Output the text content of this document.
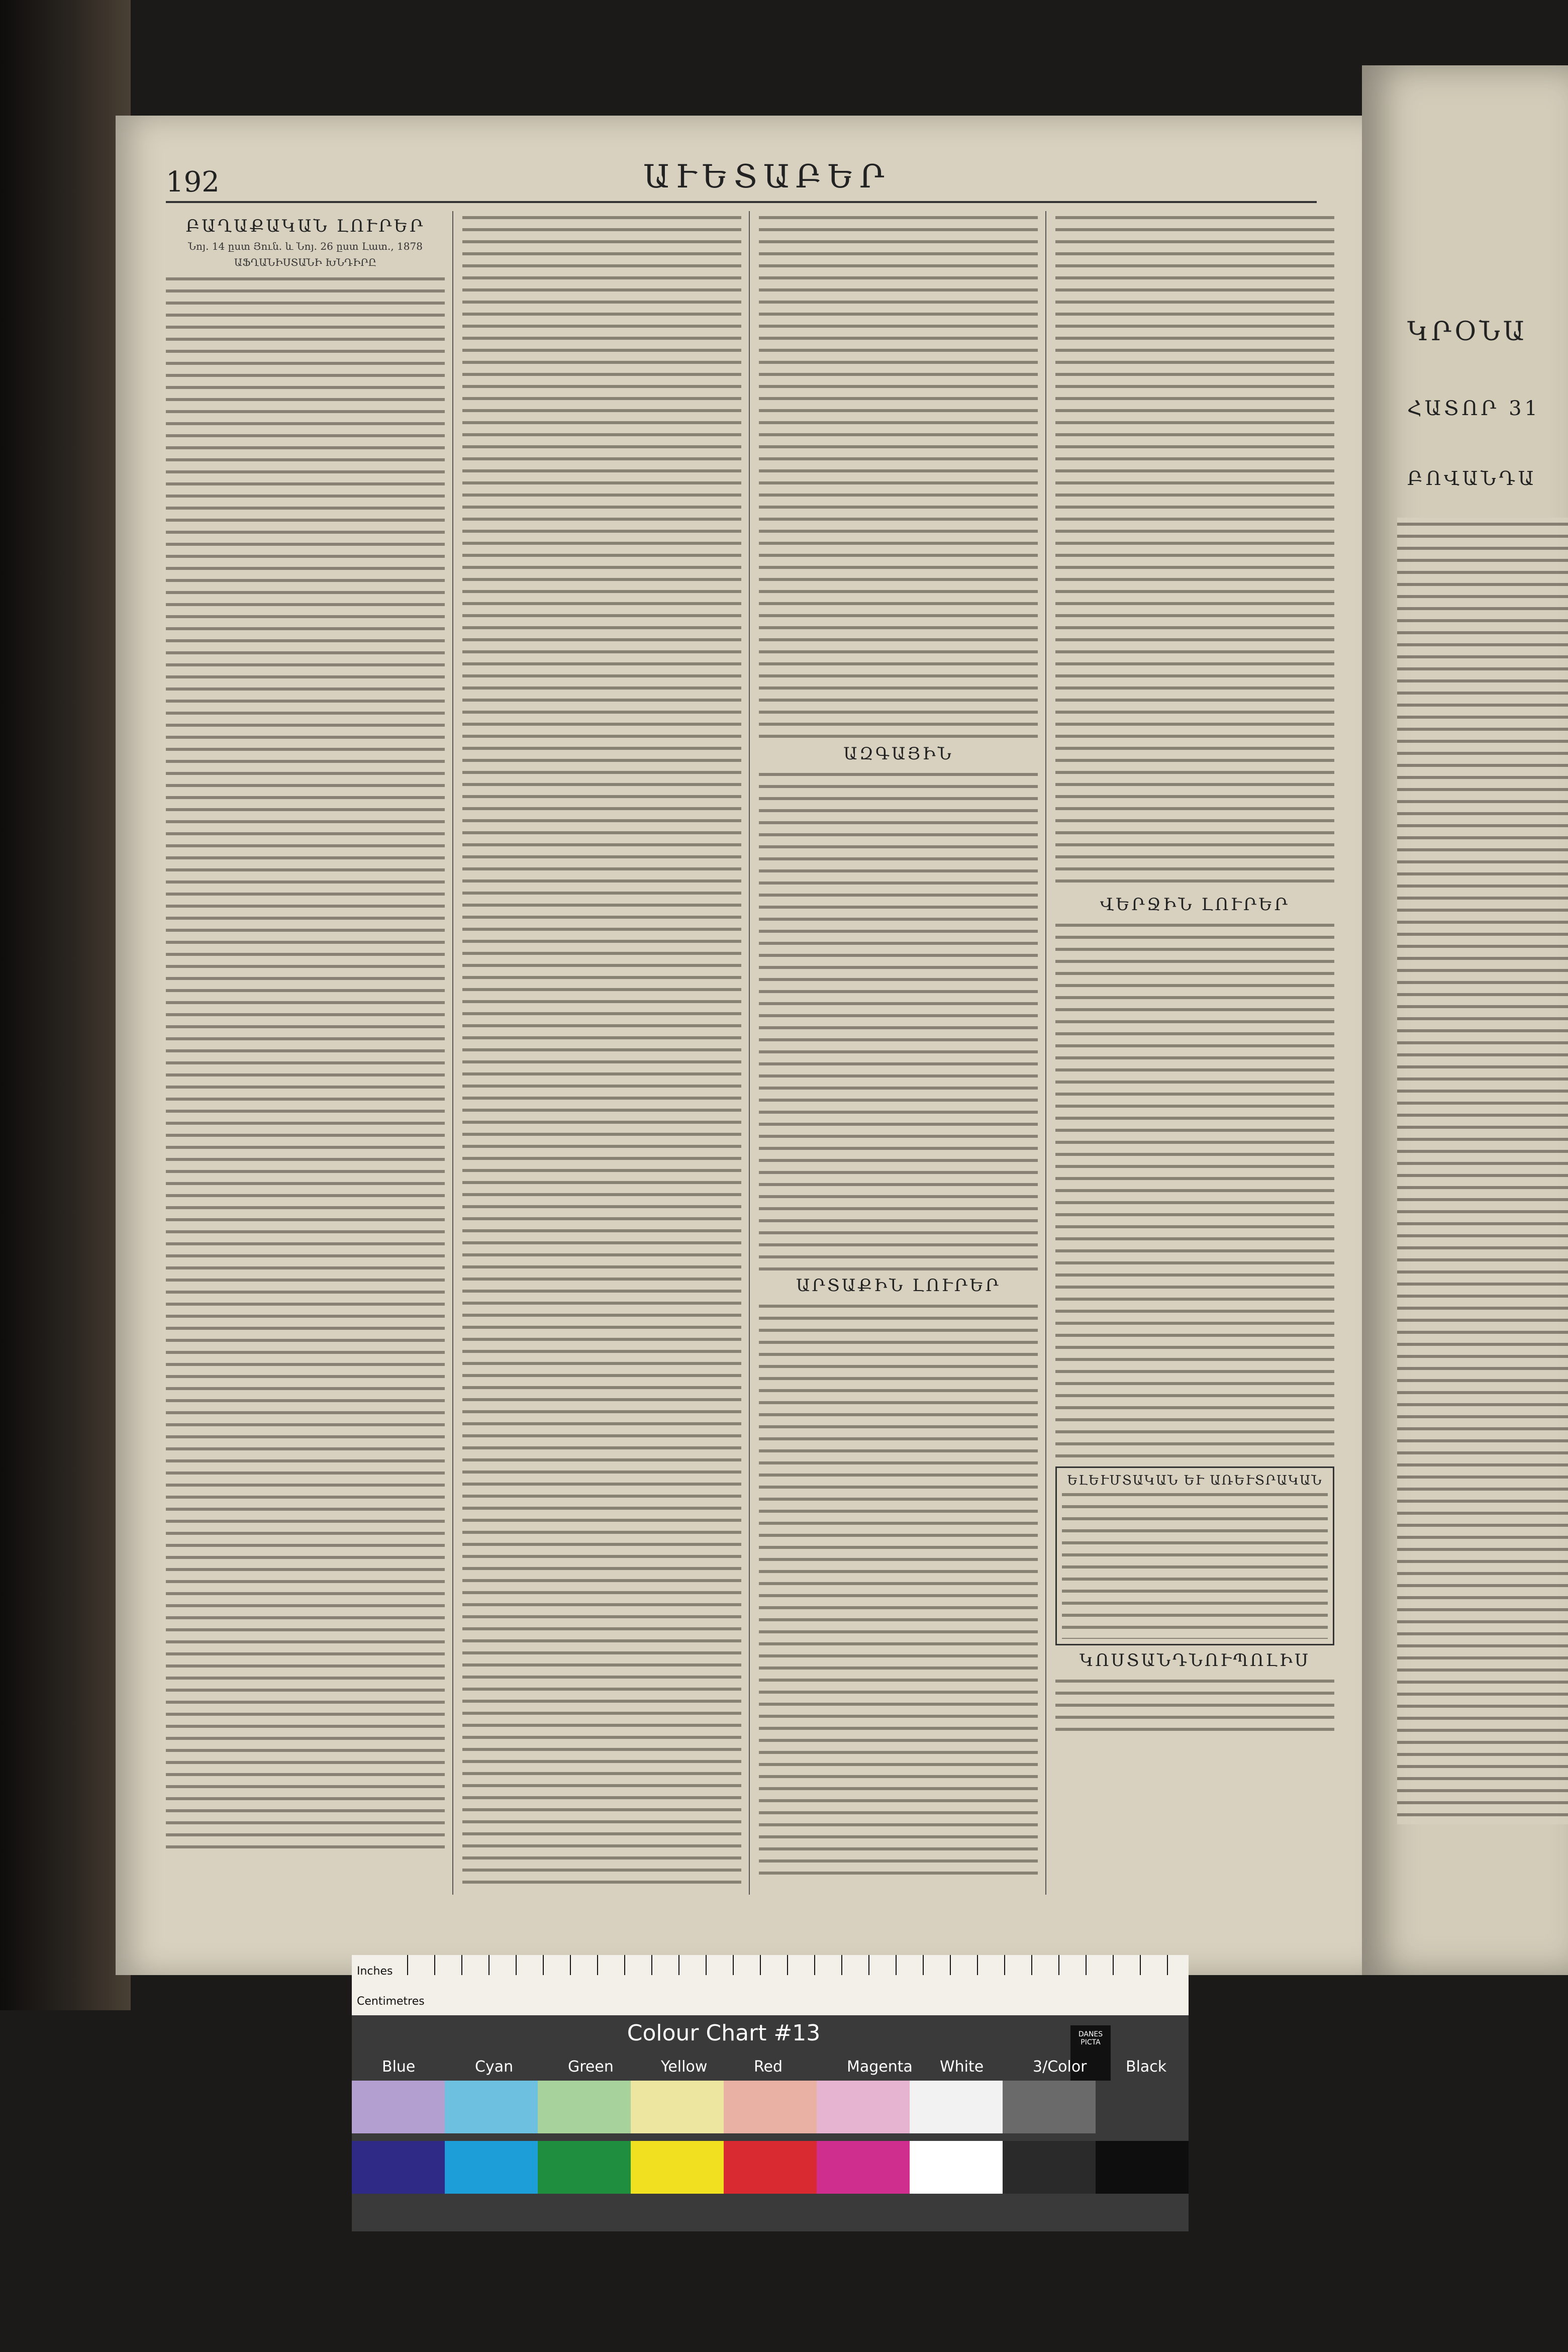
192	ԱՒԵՏԱԲԵՐ
ԲԱՂԱՔԱԿԱՆ ԼՈՒՐԵՐ
Նոյ. 14 ըստ Յուն. և Նոյ. 26 ըստ Լատ., 1878
ԱՖՂԱՆԻՍՏԱՆԻ ԽՆԴԻՐԸ
ԱԶԳԱՅԻՆ
ԱՐՏԱՔԻՆ ԼՈՒՐԵՐ
ՎԵՐՋԻՆ ԼՈՒՐԵՐ
ԵԼԵՒՄՏԱԿԱՆ ԵՒ ԱՌԵՒՏՐԱԿԱՆ
ԿՈՍՏԱՆԴՆՈՒՊՈԼԻՍ
ԿՐՕՆԱ
ՀԱՏՈՐ 31
ԲՈՎԱՆԴԱ
Inches
Centimetres
Colour Chart #13	DANES PICTA
Blue	Cyan	Green	Yellow	Red	Magenta White	3/Color	Black
